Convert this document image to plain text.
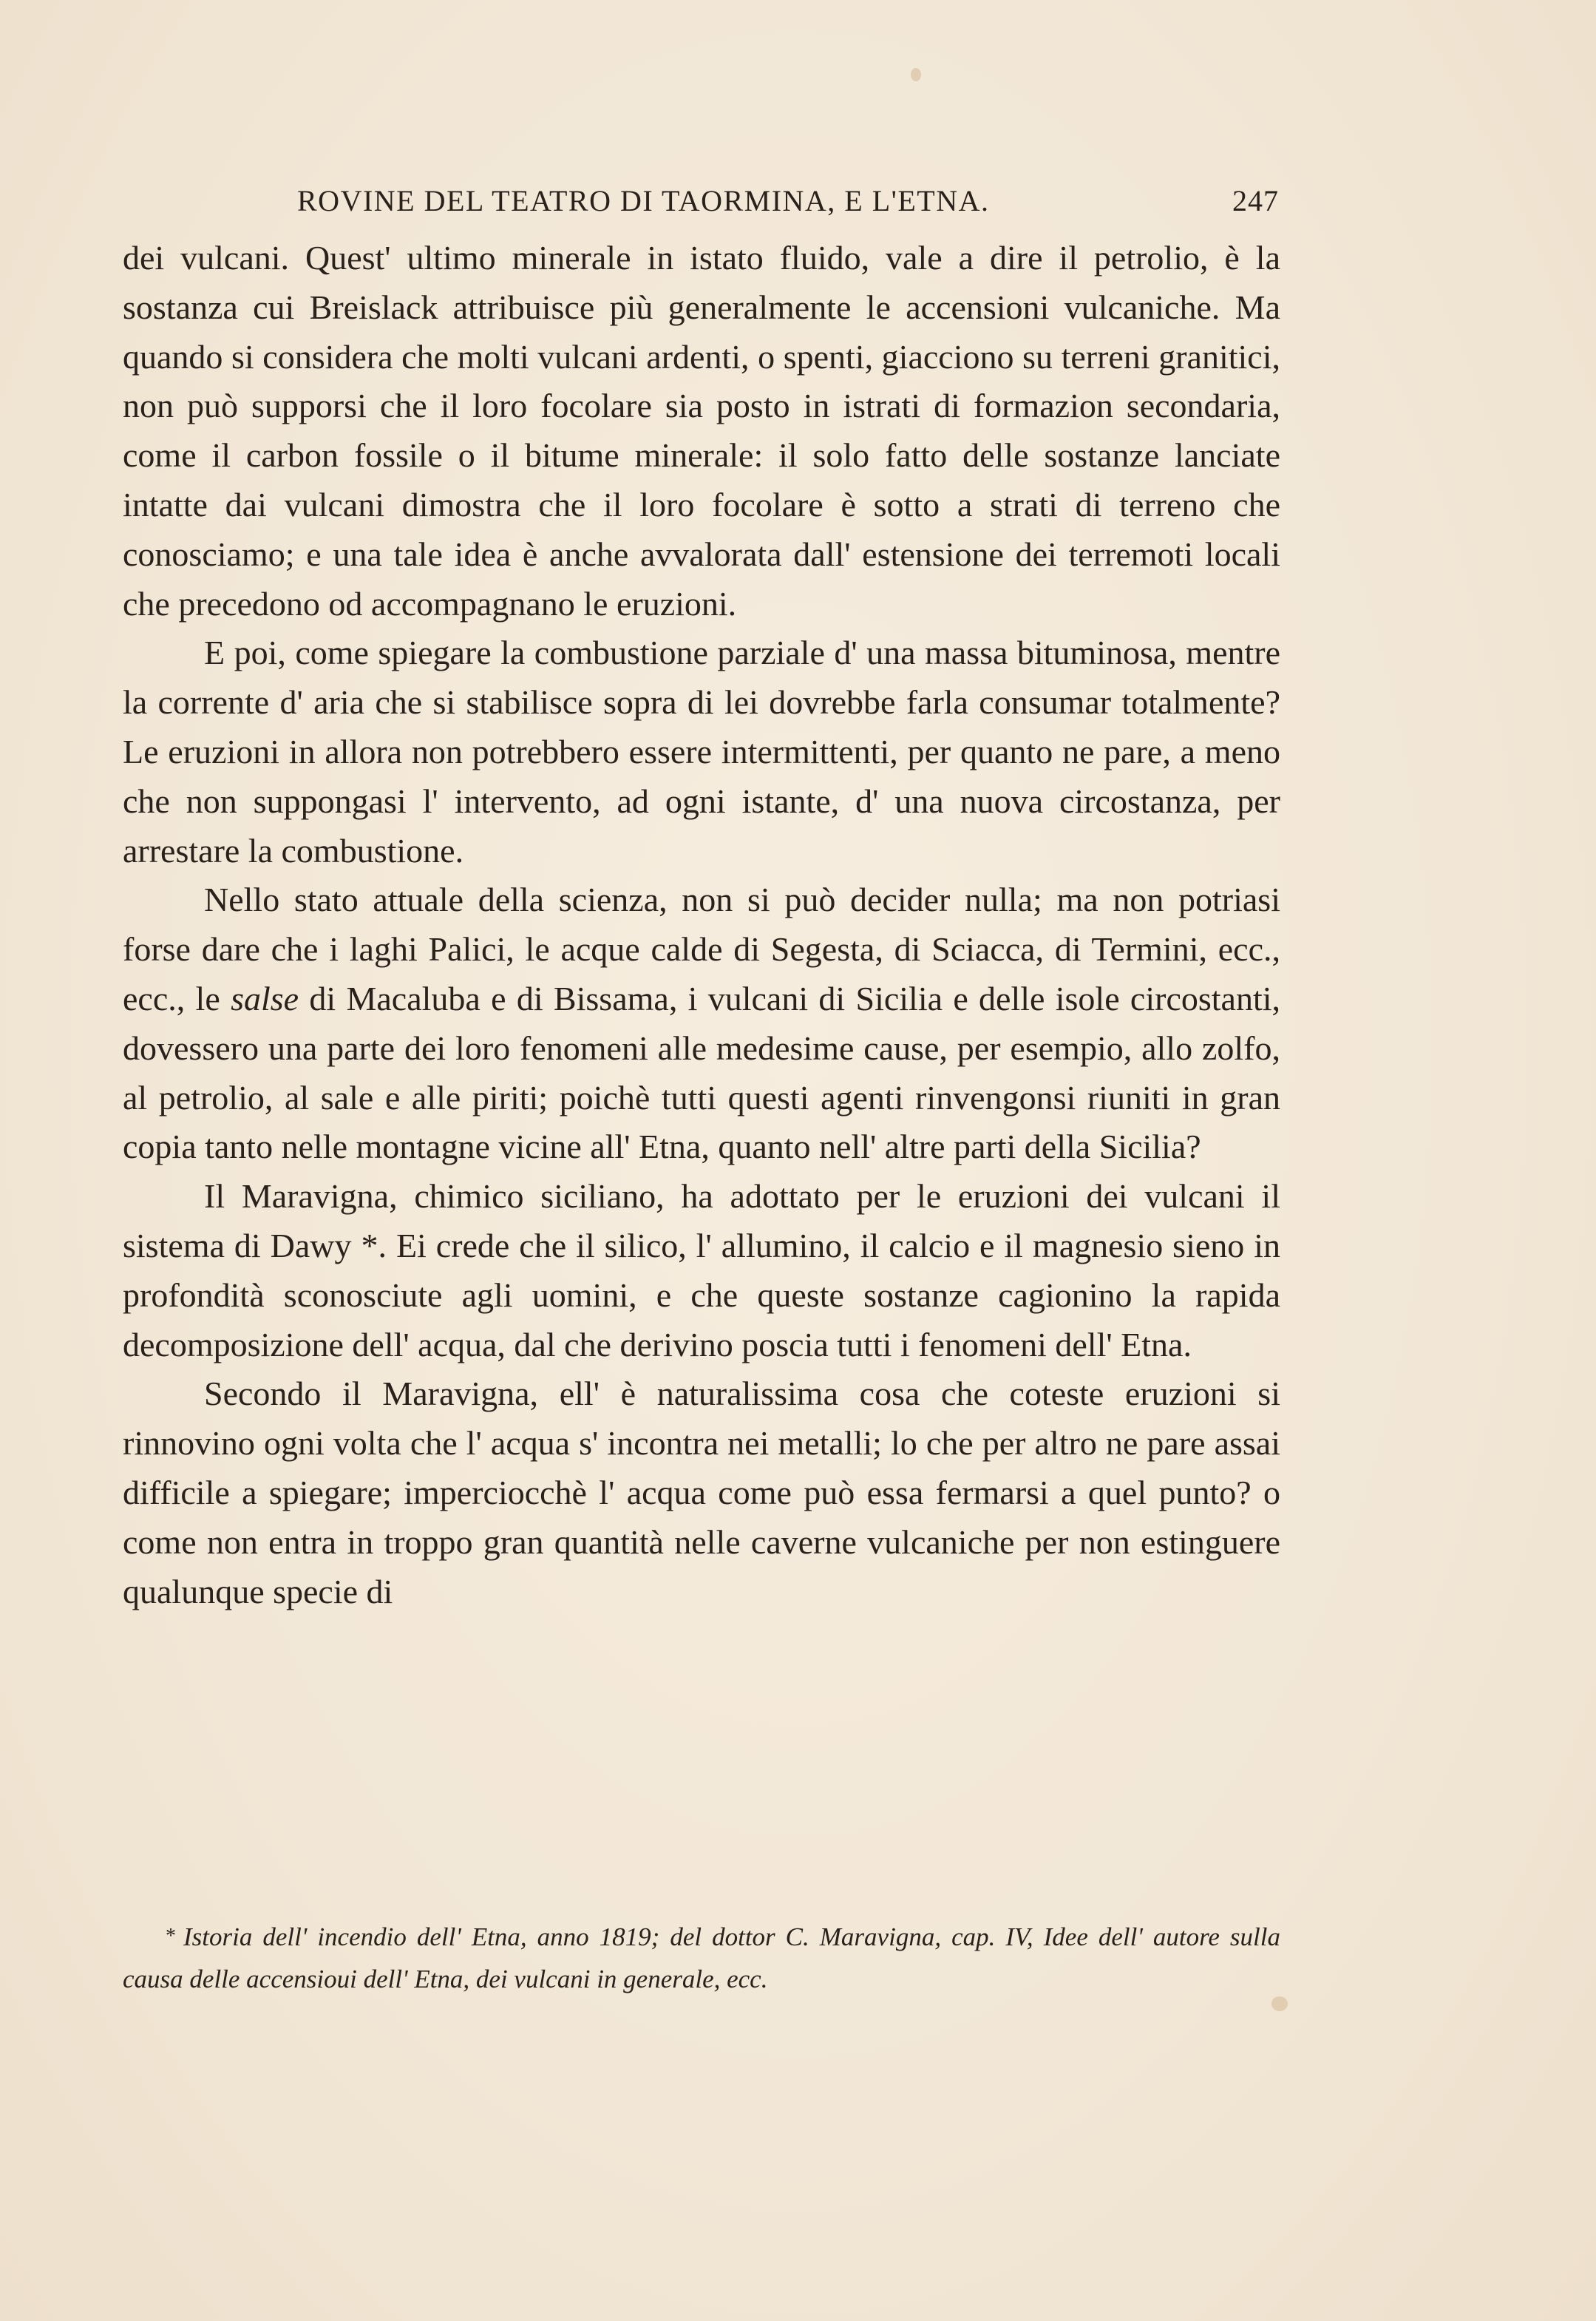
ROVINE DEL TEATRO DI TAORMINA, E L'ETNA.	247

dei vulcani. Quest' ultimo minerale in istato fluido, vale a dire il petrolio, è la sostanza cui Breislack attribuisce più generalmente le accensioni vulcaniche. Ma quando si considera che molti vulcani ardenti, o spenti, giacciono su terreni granitici, non può supporsi che il loro focolare sia posto in istrati di formazion secondaria, come il carbon fossile o il bitume minerale: il solo fatto delle sostanze lanciate intatte dai vulcani dimostra che il loro focolare è sotto a strati di terreno che conosciamo; e una tale idea è anche avvalorata dall' estensione dei terremoti locali che precedono od accompagnano le eruzioni.

E poi, come spiegare la combustione parziale d' una massa bituminosa, mentre la corrente d' aria che si stabilisce sopra di lei dovrebbe farla consumar totalmente? Le eruzioni in allora non potrebbero essere intermittenti, per quanto ne pare, a meno che non suppongasi l' intervento, ad ogni istante, d' una nuova circostanza, per arrestare la combustione.

Nello stato attuale della scienza, non si può decider nulla; ma non potriasi forse dare che i laghi Palici, le acque calde di Segesta, di Sciacca, di Termini, ecc., ecc., le salse di Macaluba e di Bissama, i vulcani di Sicilia e delle isole circostanti, dovessero una parte dei loro fenomeni alle medesime cause, per esempio, allo zolfo, al petrolio, al sale e alle piriti; poichè tutti questi agenti rinvengonsi riuniti in gran copia tanto nelle montagne vicine all' Etna, quanto nell' altre parti della Sicilia?

Il Maravigna, chimico siciliano, ha adottato per le eruzioni dei vulcani il sistema di Dawy *. Ei crede che il silico, l' allumino, il calcio e il magnesio sieno in profondità sconosciute agli uomini, e che queste sostanze cagionino la rapida decomposizione dell' acqua, dal che derivino poscia tutti i fenomeni dell' Etna.

Secondo il Maravigna, ell' è naturalissima cosa che coteste eruzioni si rinnovino ogni volta che l' acqua s' incontra nei metalli; lo che per altro ne pare assai difficile a spiegare; imperciocchè l' acqua come può essa fermarsi a quel punto? o come non entra in troppo gran quantità nelle caverne vulcaniche per non estinguere qualunque specie di

* Istoria dell' incendio dell' Etna, anno 1819; del dottor C. Maravigna, cap. IV, Idee dell' autore sulla causa delle accensioui dell' Etna, dei vulcani in generale, ecc.
